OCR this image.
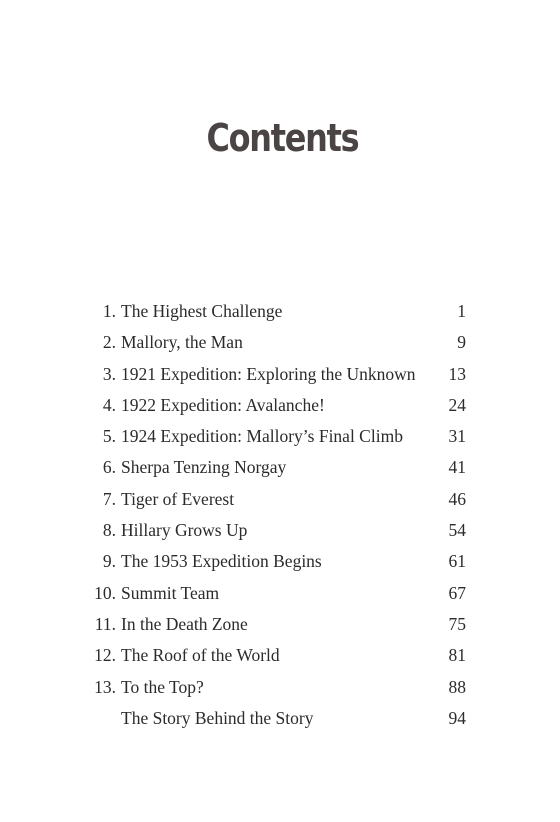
Contents
1. The Highest Challenge	1
2. Mallory, the Man	9
3. 1921 Expedition: Exploring the Unknown 13
4. 1922 Expedition: Avalanche!	24
5. 1924 Expedition: Mallory’s Final Climb	31
6. Sherpa Tenzing Norgay	41
7. Tiger of Everest	46
8. Hillary Grows Up	54
9. The 1953 Expedition Begins	61
10. Summit Team	67
11. In the Death Zone	75
12. The Roof of the World	81
13. To the Top?	88
The Story Behind the Story	94
